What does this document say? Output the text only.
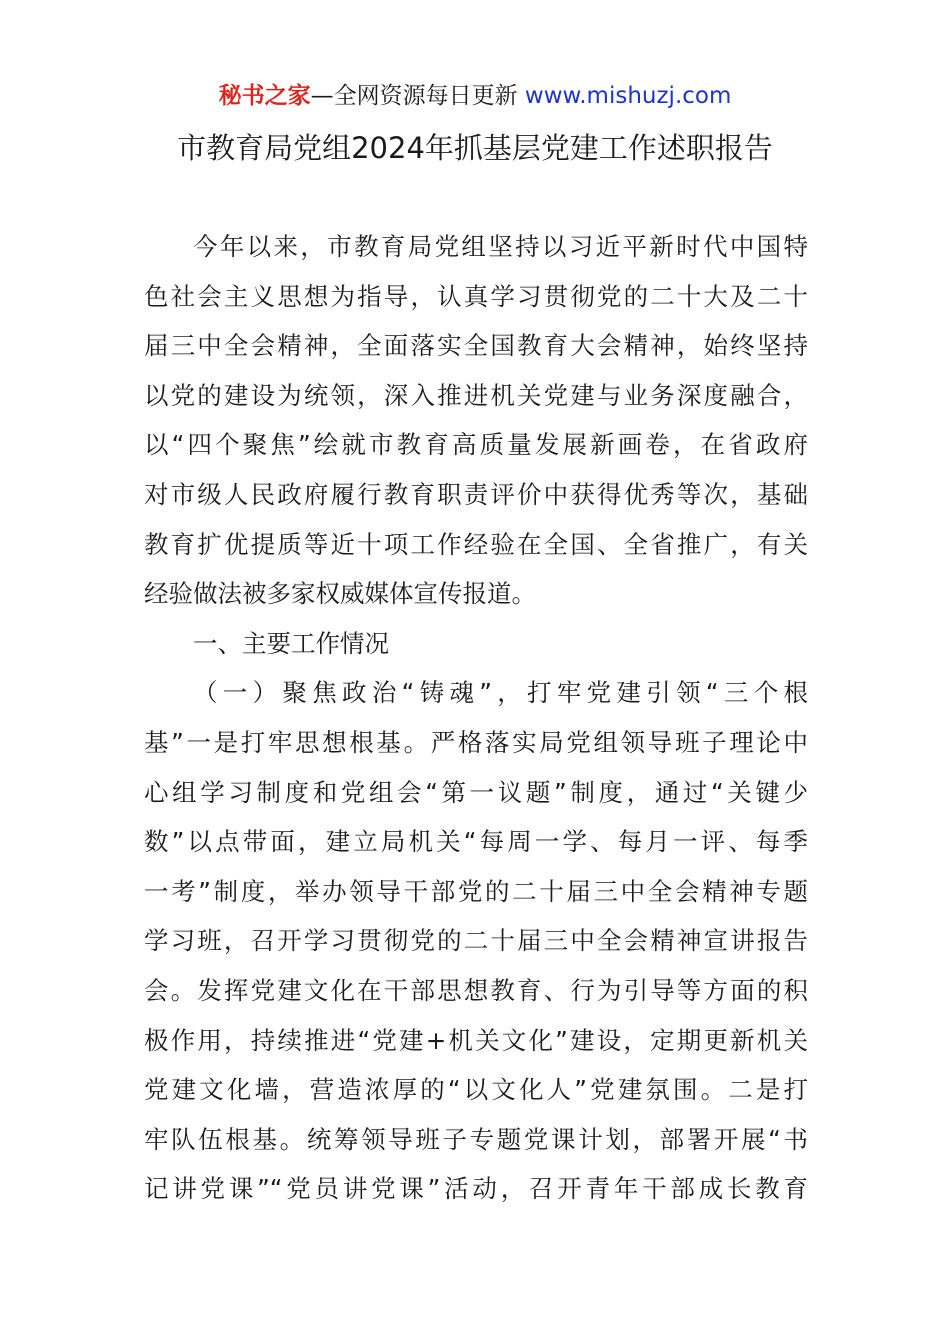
秘书之家—全网资源每日更新 www.mishuzj.com
市教育局党组2024年抓基层党建工作述职报告
今年以来，市教育局党组坚持以习近平新时代中国特
色社会主义思想为指导，认真学习贯彻党的二十大及二十
届三中全会精神，全面落实全国教育大会精神，始终坚持
以党的建设为统领，深入推进机关党建与业务深度融合，
以“四个聚焦”绘就市教育高质量发展新画卷，在省政府
对市级人民政府履行教育职责评价中获得优秀等次，基础
教育扩优提质等近十项工作经验在全国、全省推广，有关
经验做法被多家权威媒体宣传报道。
一、主要工作情况
（一）聚焦政治“铸魂”，打牢党建引领“三个根
基”一是打牢思想根基。严格落实局党组领导班子理论中
心组学习制度和党组会“第一议题”制度，通过“关键少
数”以点带面，建立局机关“每周一学、每月一评、每季
一考”制度，举办领导干部党的二十届三中全会精神专题
学习班，召开学习贯彻党的二十届三中全会精神宣讲报告
会。发挥党建文化在干部思想教育、行为引导等方面的积
极作用，持续推进“党建+机关文化”建设，定期更新机关
党建文化墙，营造浓厚的“以文化人”党建氛围。二是打
牢队伍根基。统筹领导班子专题党课计划，部署开展“书
记讲党课”“党员讲党课”活动，召开青年干部成长教育
